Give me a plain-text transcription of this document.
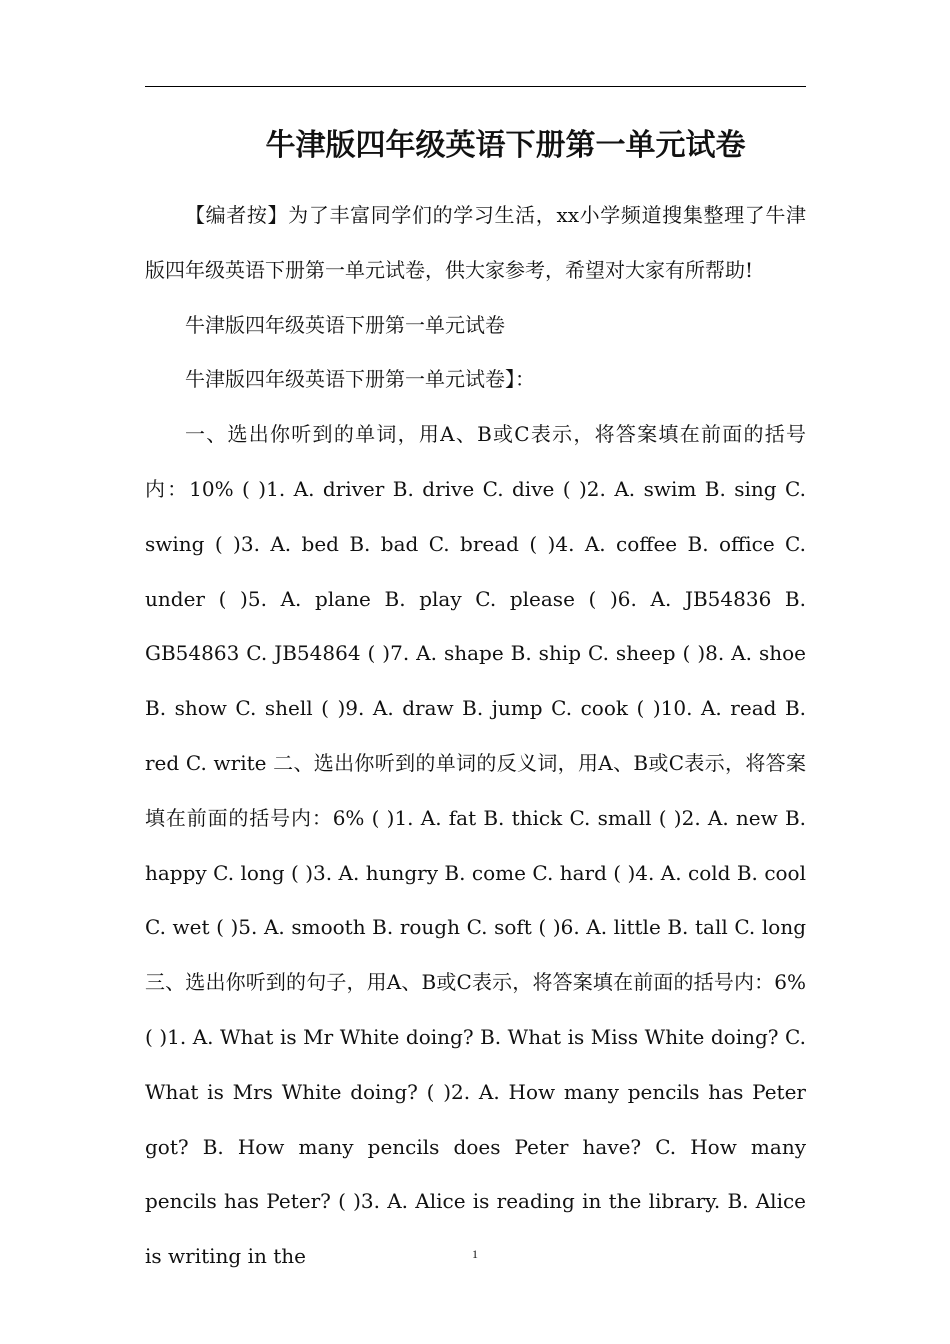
牛津版四年级英语下册第一单元试卷

【编者按】为了丰富同学们的学习生活，xx小学频道搜集整理了牛津版四年级英语下册第一单元试卷，供大家参考，希望对大家有所帮助!

牛津版四年级英语下册第一单元试卷

牛津版四年级英语下册第一单元试卷】：

一、选出你听到的单词，用A、B或C表示，将答案填在前面的括号内：10% ( )1. A. driver B. drive C. dive ( )2. A. swim B. sing C. swing ( )3. A. bed B. bad C. bread ( )4. A. coffee B. office C. under ( )5. A. plane B. play C. please ( )6. A. JB54836 B. GB54863 C. JB54864 ( )7. A. shape B. ship C. sheep ( )8. A. shoe B. show C. shell ( )9. A. draw B. jump C. cook ( )10. A. read B. red C. write 二、选出你听到的单词的反义词，用A、B或C表示，将答案填在前面的括号内：6% ( )1. A. fat B. thick C. small ( )2. A. new B. happy C. long ( )3. A. hungry B. come C. hard ( )4. A. cold B. cool C. wet ( )5. A. smooth B. rough C. soft ( )6. A. little B. tall C. long 三、选出你听到的句子，用A、B或C表示，将答案填在前面的括号内：6% ( )1. A. What is Mr White doing? B. What is Miss White doing? C. What is Mrs White doing? ( )2. A. How many pencils has Peter got? B. How many pencils does Peter have? C. How many pencils has Peter? ( )3. A. Alice is reading in the library. B. Alice is writing in the	1
